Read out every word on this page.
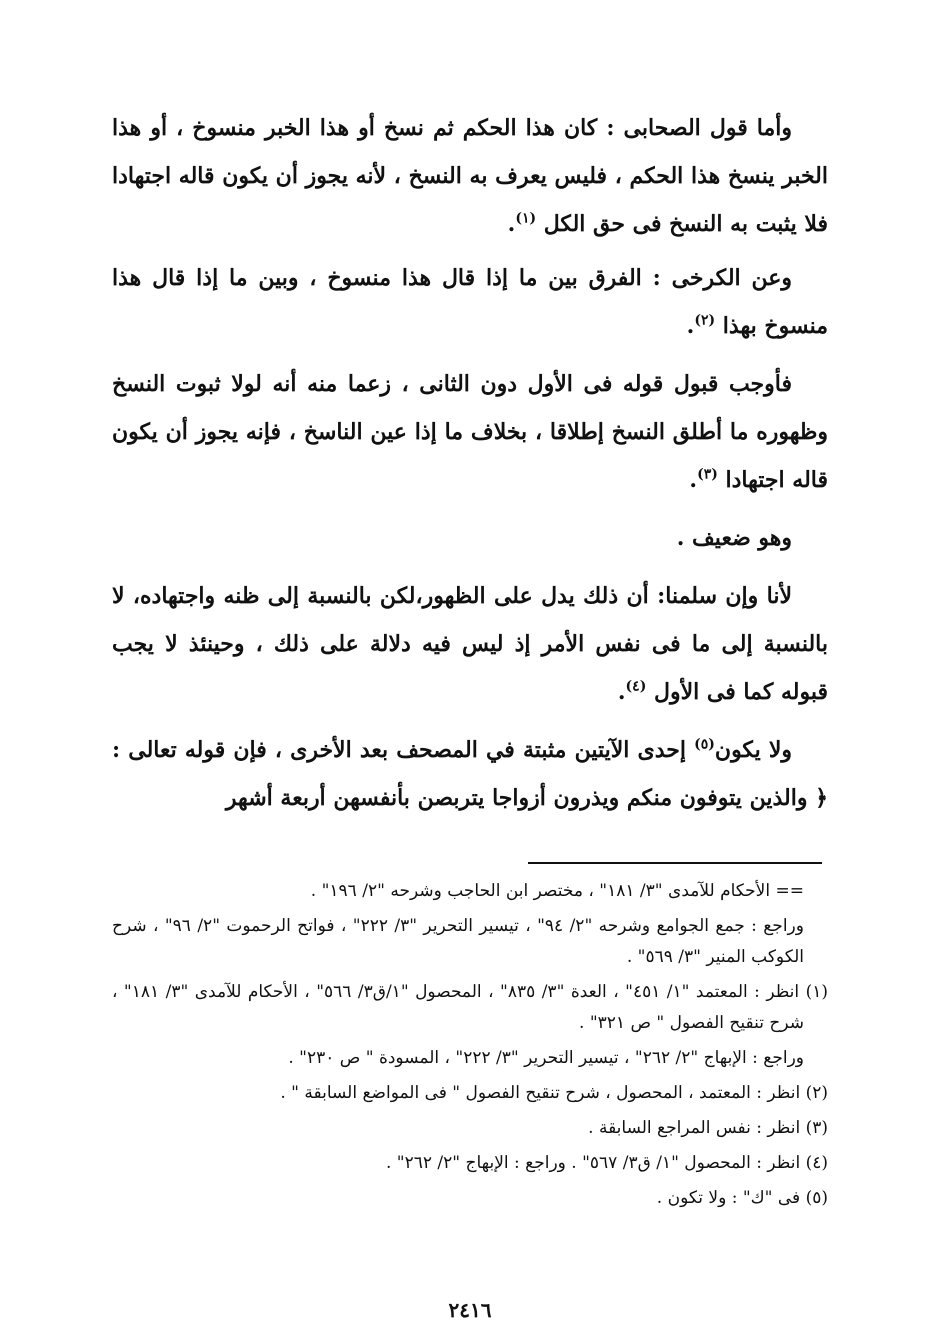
وأما قول الصحابى : كان هذا الحكم ثم نسخ أو هذا الخبر منسوخ ، أو هذا الخبر ينسخ هذا الحكم ، فليس يعرف به النسخ ، لأنه يجوز أن يكون قاله اجتهادا فلا يثبت به النسخ فى حق الكل $^{(١)}$.

وعن الكرخى : الفرق بين ما إذا قال هذا منسوخ ، وبين ما إذا قال هذا منسوخ بهذا $^{(٢)}$.

فأوجب قبول قوله فى الأول دون الثانى ، زعما منه أنه لولا ثبوت النسخ وظهوره ما أطلق النسخ إطلاقا ، بخلاف ما إذا عين الناسخ ، فإنه يجوز أن يكون قاله اجتهادا $^{(٣)}$.

وهو ضعيف .

لأنا وإن سلمنا: أن ذلك يدل على الظهور،لكن بالنسبة إلى ظنه واجتهاده، لا بالنسبة إلى ما فى نفس الأمر إذ ليس فيه دلالة على ذلك ، وحينئذ لا يجب قبوله كما فى الأول $^{(٤)}$.

ولا يكون$^{(٥)}$ إحدى الآيتين مثبتة في المصحف بعد الأخرى ، فإن قوله تعالى : ﴿ والذين يتوفون منكم ويذرون أزواجا يتربصن بأنفسهن أربعة أشهر

== الأحكام للآمدى "٣/ ١٨١" ، مختصر ابن الحاجب وشرحه "٢/ ١٩٦" .

وراجع : جمع الجوامع وشرحه "٢/ ٩٤" ، تيسير التحرير "٣/ ٢٢٢" ، فواتح الرحموت "٢/ ٩٦" ، شرح الكوكب المنير "٣/ ٥٦٩" .

(١) انظر : المعتمد "١/ ٤٥١" ، العدة "٣/ ٨٣٥" ، المحصول "١/ق٣/ ٥٦٦" ، الأحكام للآمدى "٣/ ١٨١" ، شرح تنقيح الفصول " ص ٣٢١" .

وراجع : الإبهاج "٢/ ٢٦٢" ، تيسير التحرير "٣/ ٢٢٢" ، المسودة " ص ٢٣٠" .

(٢) انظر : المعتمد ، المحصول ، شرح تنقيح الفصول " فى المواضع السابقة " .

(٣) انظر : نفس المراجع السابقة .

(٤) انظر : المحصول "١/ ق٣/ ٥٦٧" . وراجع : الإبهاج "٢/ ٢٦٢" .

(٥) فى "ك" : ولا تكون .

٢٤١٦
